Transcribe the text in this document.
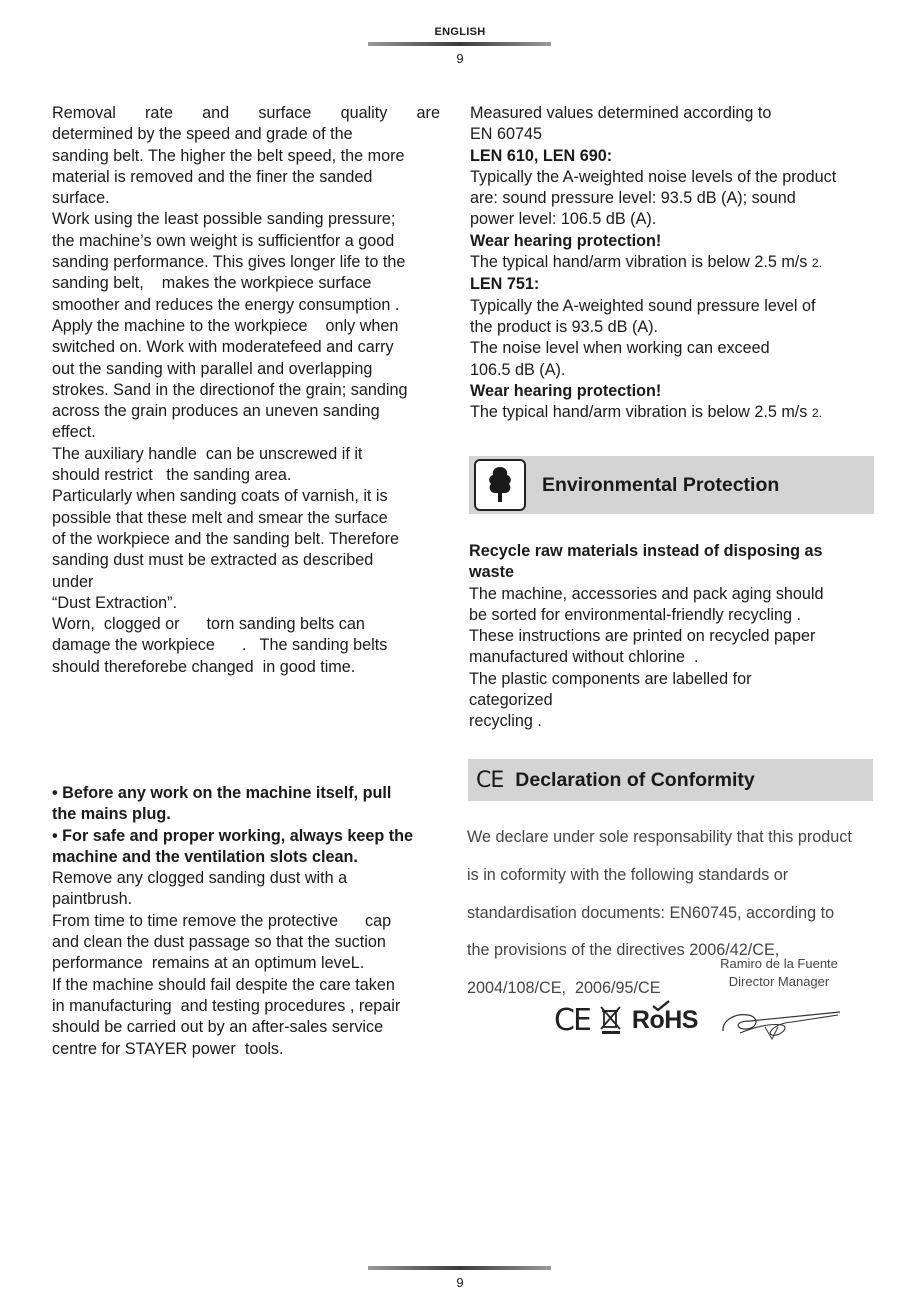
ENGLISH
9

Removal rate and surface quality are

determined by the speed and grade of the

sanding belt. The higher the belt speed, the more

material is removed and the finer the sanded

surface.

Work using the least possible sanding pressure;

the machine’s own weight is sufficientfor a good

sanding performance. This gives longer life to the

sanding belt,    makes the workpiece surface

smoother and reduces the energy consumption .

Apply the machine to the workpiece    only when

switched on. Work with moderatefeed and carry

out the sanding with parallel and overlapping

strokes. Sand in the directionof the grain; sanding

across the grain produces an uneven sanding

effect.

The auxiliary handle  can be unscrewed if it

should restrict   the sanding area.

Particularly when sanding coats of varnish, it is

possible that these melt and smear the surface

of the workpiece and the sanding belt. Therefore

sanding dust must be extracted as described

under

“Dust Extraction”.

Worn,  clogged or      torn sanding belts can

damage the workpiece      .   The sanding belts

should thereforebe changed  in good time.

• Before any work on the machine itself, pull

the mains plug.

• For safe and proper working, always keep the

machine and the ventilation slots clean.

Remove any clogged sanding dust with a

paintbrush.

From time to time remove the protective      cap

and clean the dust passage so that the suction

performance  remains at an optimum leveL.

If the machine should fail despite the care taken

in manufacturing  and testing procedures , repair

should be carried out by an after-sales service

centre for STAYER power  tools.

Measured values determined according to

EN 60745

LEN 610, LEN 690:

Typically the A-weighted noise levels of the product

are: sound pressure level: 93.5 dB (A); sound

power level: 106.5 dB (A).

Wear hearing protection!

The typical hand/arm vibration is below 2.5 m/s 2.

LEN 751:

Typically the A-weighted sound pressure level of

the product is 93.5 dB (A).

The noise level when working can exceed

106.5 dB (A).

Wear hearing protection!

The typical hand/arm vibration is below 2.5 m/s 2.

Environmental Protection

Recycle raw materials instead of disposing as

waste

The machine, accessories and pack aging should

be sorted for environmental-friendly recycling .

These instructions are printed on recycled paper

manufactured without chlorine  .

The plastic components are labelled for

categorized

recycling .

CE Declaration of Conformity

We declare under sole responsability that this product

is in coformity with the following standards or

standardisation documents: EN60745, according to

the provisions of the directives 2006/42/CE,

2004/108/CE,  2006/95/CE

Ramiro de la Fuente
Director Manager
CE RoHS
9
